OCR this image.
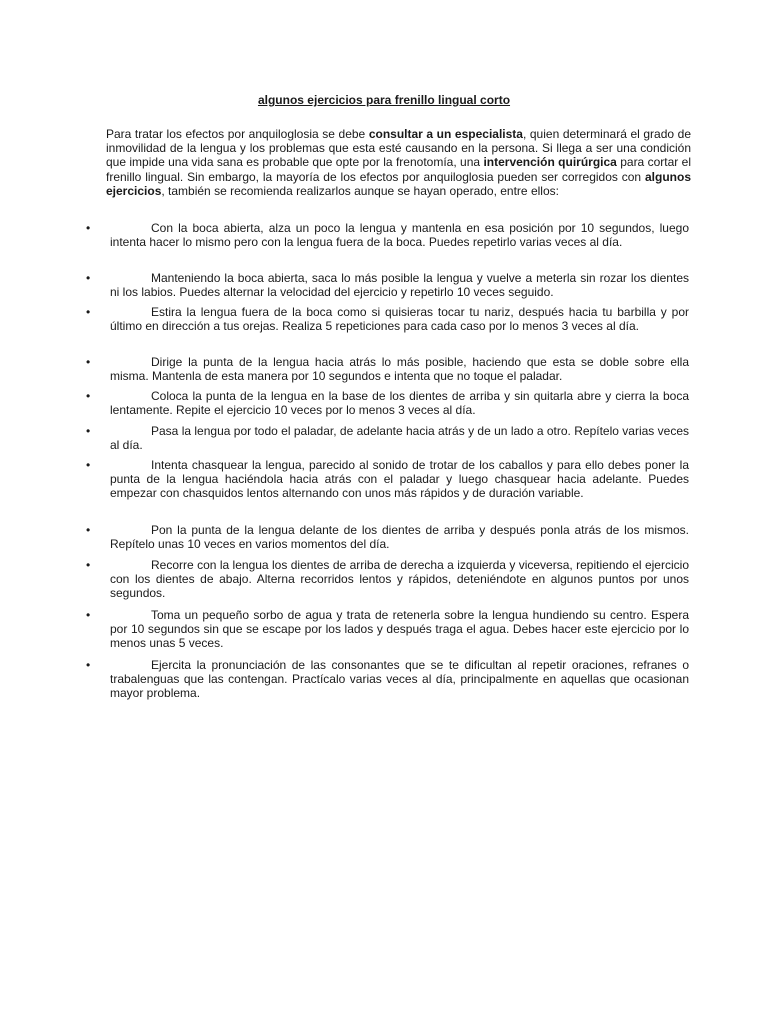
algunos ejercicios para frenillo lingual corto

Para tratar los efectos por anquiloglosia se debe consultar a un especialista, quien determinará el grado de inmovilidad de la lengua y los problemas que esta esté causando en la persona. Si llega a ser una condición que impide una vida sana es probable que opte por la frenotomía, una intervención quirúrgica para cortar el frenillo lingual. Sin embargo, la mayoría de los efectos por anquiloglosia pueden ser corregidos con algunos ejercicios, también se recomienda realizarlos aunque se hayan operado, entre ellos:

•	Con la boca abierta, alza un poco la lengua y mantenla en esa posición por 10 segundos, luego intenta hacer lo mismo pero con la lengua fuera de la boca. Puedes repetirlo varias veces al día.

•	Manteniendo la boca abierta, saca lo más posible la lengua y vuelve a meterla sin rozar los dientes ni los labios. Puedes alternar la velocidad del ejercicio y repetirlo 10 veces seguido.

•	Estira la lengua fuera de la boca como si quisieras tocar tu nariz, después hacia tu barbilla y por último en dirección a tus orejas. Realiza 5 repeticiones para cada caso por lo menos 3 veces al día.

•	Dirige la punta de la lengua hacia atrás lo más posible, haciendo que esta se doble sobre ella misma. Mantenla de esta manera por 10 segundos e intenta que no toque el paladar.

•	Coloca la punta de la lengua en la base de los dientes de arriba y sin quitarla abre y cierra la boca lentamente. Repite el ejercicio 10 veces por lo menos 3 veces al día.

•	Pasa la lengua por todo el paladar, de adelante hacia atrás y de un lado a otro. Repítelo varias veces al día.

•	Intenta chasquear la lengua, parecido al sonido de trotar de los caballos y para ello debes poner la punta de la lengua haciéndola hacia atrás con el paladar y luego chasquear hacia adelante. Puedes empezar con chasquidos lentos alternando con unos más rápidos y de duración variable.

•	Pon la punta de la lengua delante de los dientes de arriba y después ponla atrás de los mismos. Repítelo unas 10 veces en varios momentos del día.

•	Recorre con la lengua los dientes de arriba de derecha a izquierda y viceversa, repitiendo el ejercicio con los dientes de abajo. Alterna recorridos lentos y rápidos, deteniéndote en algunos puntos por unos segundos.

•	Toma un pequeño sorbo de agua y trata de retenerla sobre la lengua hundiendo su centro. Espera por 10 segundos sin que se escape por los lados y después traga el agua. Debes hacer este ejercicio por lo menos unas 5 veces.

•	Ejercita la pronunciación de las consonantes que se te dificultan al repetir oraciones, refranes o trabalenguas que las contengan. Practícalo varias veces al día, principalmente en aquellas que ocasionan mayor problema.
